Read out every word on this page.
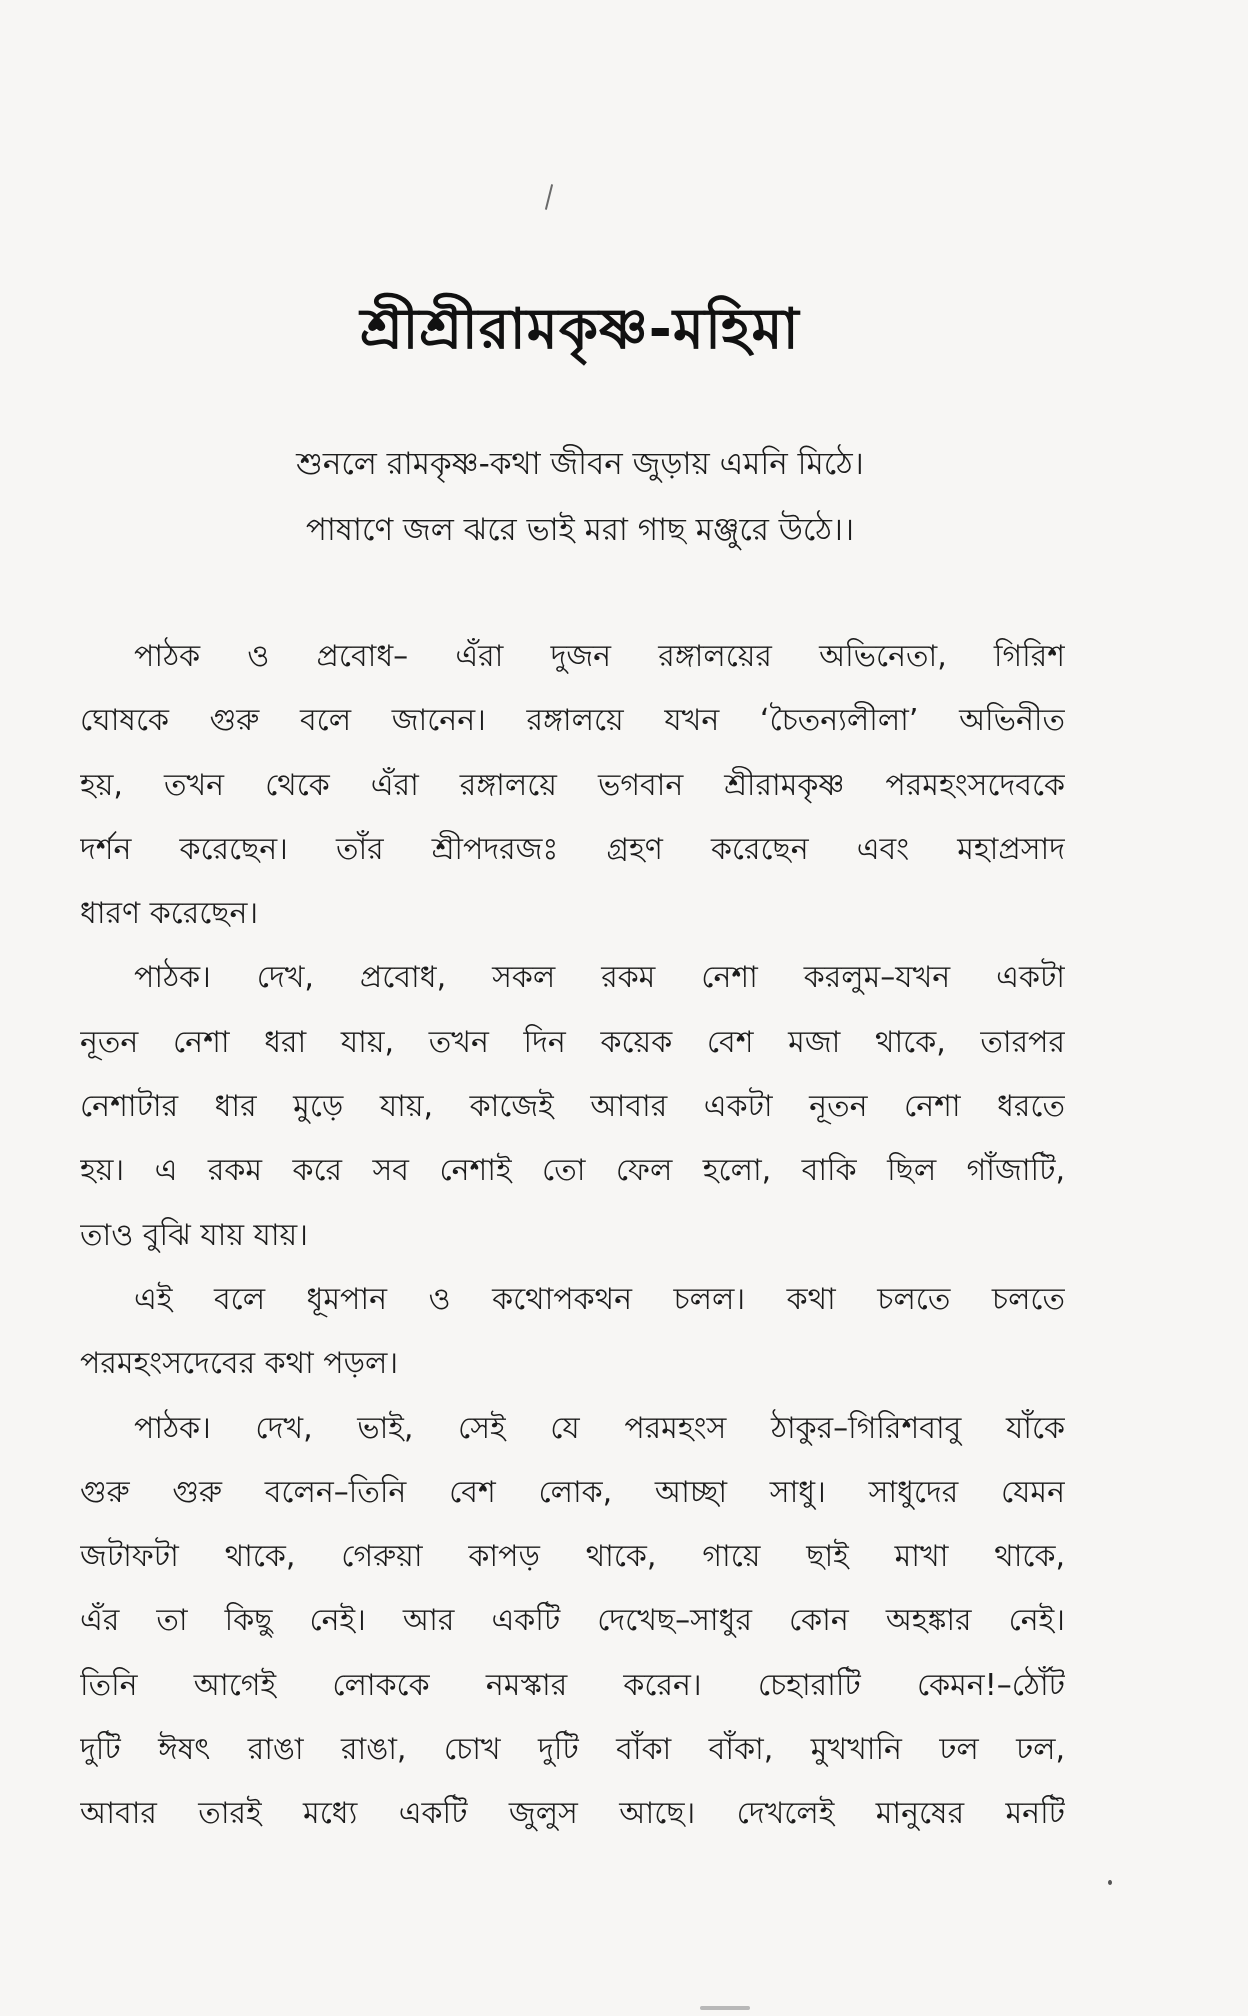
শ্রীশ্রীরামকৃষ্ণ-মহিমা
শুনলে রামকৃষ্ণ-কথা জীবন জুড়ায় এমনি মিঠে।
পাষাণে জল ঝরে ভাই মরা গাছ মঞ্জুরে উঠে।।
পাঠক ও প্রবোধ– এঁরা দুজন রঙ্গালয়ের অভিনেতা, গিরিশ
ঘোষকে গুরু বলে জানেন। রঙ্গালয়ে যখন ‘চৈতন্যলীলা’ অভিনীত
হয়, তখন থেকে এঁরা রঙ্গালয়ে ভগবান শ্রীরামকৃষ্ণ পরমহংসদেবকে
দর্শন করেছেন। তাঁর শ্রীপদরজঃ গ্রহণ করেছেন এবং মহাপ্রসাদ
ধারণ করেছেন।
পাঠক। দেখ, প্রবোধ, সকল রকম নেশা করলুম–যখন একটা
নূতন নেশা ধরা যায়, তখন দিন কয়েক বেশ মজা থাকে, তারপর
নেশাটার ধার মুড়ে যায়, কাজেই আবার একটা নূতন নেশা ধরতে
হয়। এ রকম করে সব নেশাই তো ফেল হলো, বাকি ছিল গাঁজাটি,
তাও বুঝি যায় যায়।
এই বলে ধূমপান ও কথোপকথন চলল। কথা চলতে চলতে
পরমহংসদেবের কথা পড়ল।
পাঠক। দেখ, ভাই, সেই যে পরমহংস ঠাকুর–গিরিশবাবু যাঁকে
গুরু গুরু বলেন–তিনি বেশ লোক, আচ্ছা সাধু। সাধুদের যেমন
জটাফটা থাকে, গেরুয়া কাপড় থাকে, গায়ে ছাই মাখা থাকে,
এঁর তা কিছু নেই। আর একটি দেখেছ–সাধুর কোন অহঙ্কার নেই।
তিনি আগেই লোককে নমস্কার করেন। চেহারাটি কেমন!–ঠোঁট
দুটি ঈষৎ রাঙা রাঙা, চোখ দুটি বাঁকা বাঁকা, মুখখানি ঢল ঢল,
আবার তারই মধ্যে একটি জুলুস আছে। দেখলেই মানুষের মনটি
